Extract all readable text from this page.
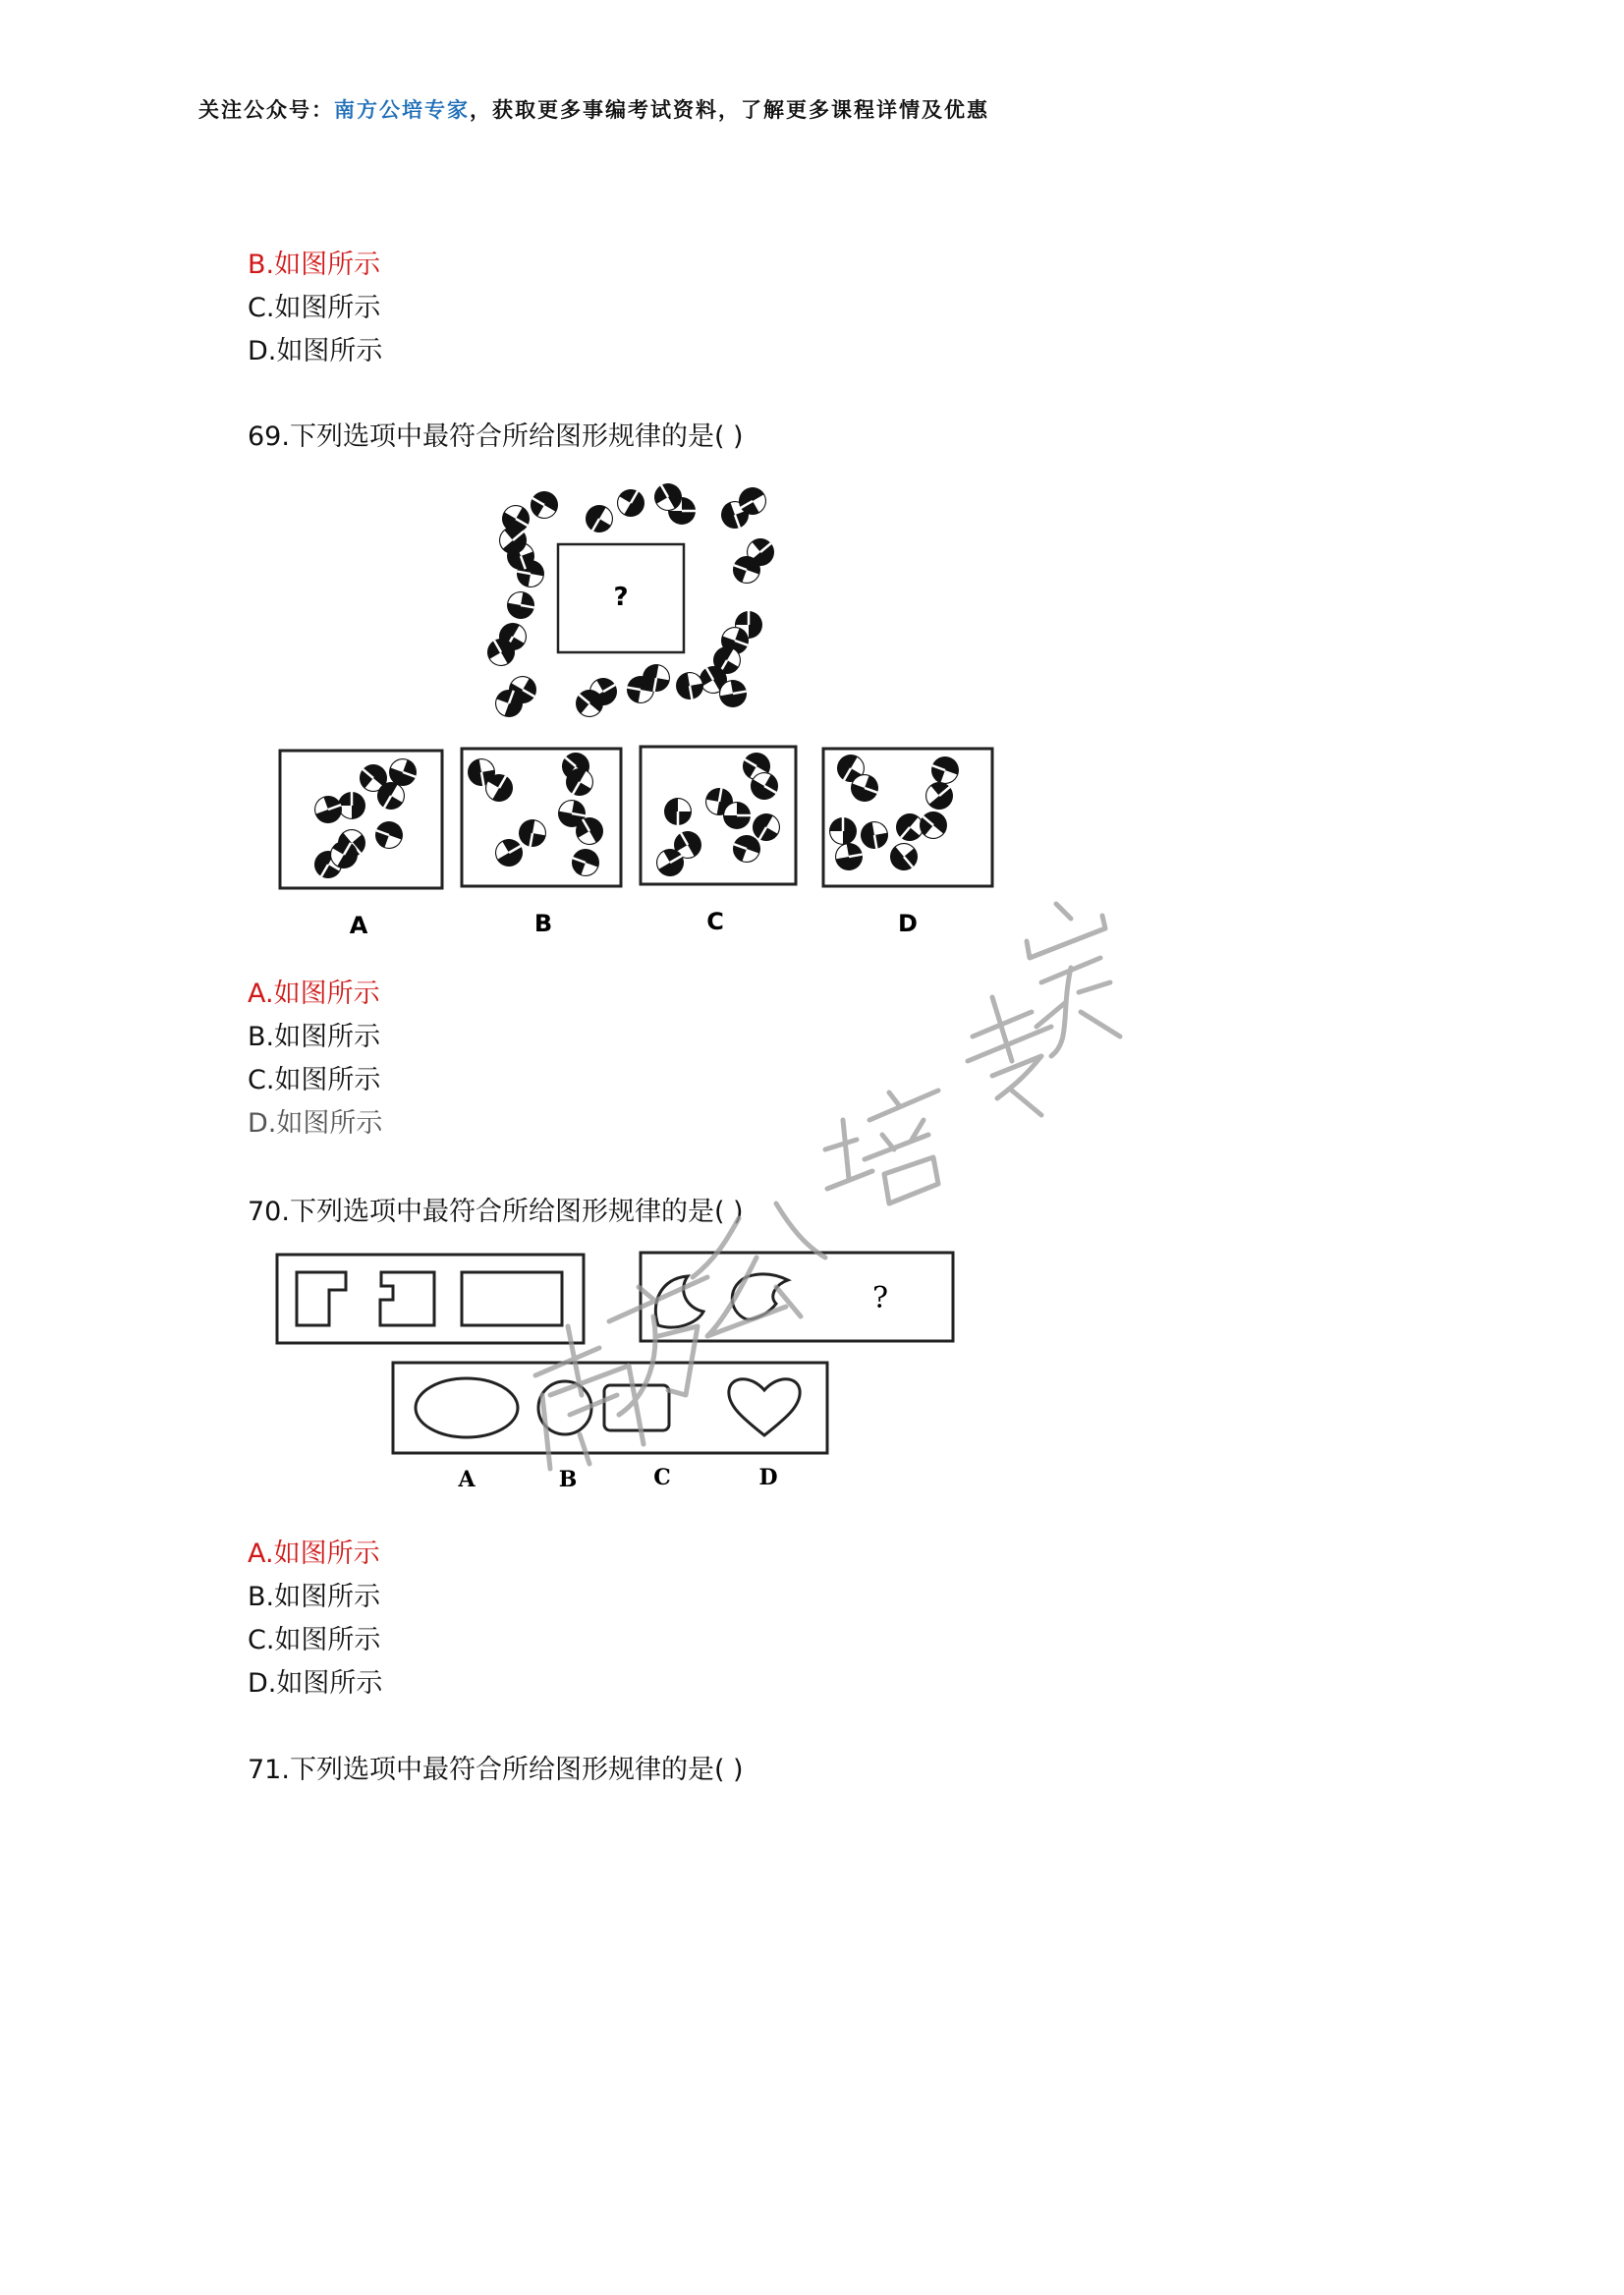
关注公众号：南方公培专家，获取更多事编考试资料，了解更多课程详情及优惠
B.如图所示
C.如图所示
D.如图所示
69.下列选项中最符合所给图形规律的是( )
?
A	B	C	D
A.如图所示
B.如图所示
C.如图所示
D.如图所示
70.下列选项中最符合所给图形规律的是( )
?
A	B	C	D
A.如图所示
B.如图所示
C.如图所示
D.如图所示
71.下列选项中最符合所给图形规律的是( )
